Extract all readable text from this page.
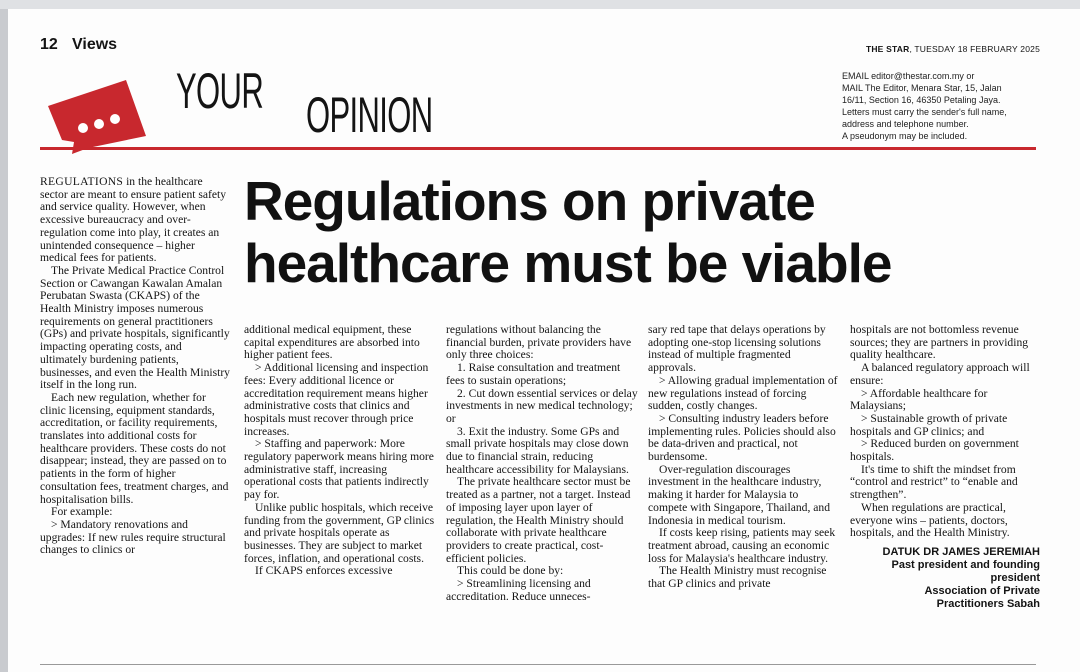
12 Views	THE STAR, TUESDAY 18 FEBRUARY 2025
YOUR OPINION

EMAIL editor@thestar.com.my or

MAIL The Editor, Menara Star, 15, Jalan

16/11, Section 16, 46350 Petaling Jaya.

Letters must carry the sender's full name,

address and telephone number.

A pseudonym may be included.

Regulations on private healthcare must be viable

REGULATIONS in the healthcare sector are meant to ensure patient safety and service quality. However, when excessive bureaucracy and over-regulation come into play, it creates an unintended consequence – higher medical fees for patients.

The Private Medical Practice Control Section or Cawangan Kawalan Amalan Perubatan Swasta (CKAPS) of the Health Ministry imposes numerous requirements on general practitioners (GPs) and private hospitals, significantly impacting operating costs, and ultimately burdening patients, businesses, and even the Health Ministry itself in the long run.

Each new regulation, whether for clinic licensing, equipment standards, accreditation, or facility requirements, translates into additional costs for healthcare providers. These costs do not disappear; instead, they are passed on to patients in the form of higher consultation fees, treatment charges, and hospitalisation bills.

For example:

> Mandatory renovations and upgrades: If new rules require structural changes to clinics or

additional medical equipment, these capital expenditures are absorbed into higher patient fees.

> Additional licensing and inspection fees: Every additional licence or accreditation requirement means higher administrative costs that clinics and hospitals must recover through price increases.

> Staffing and paperwork: More regulatory paperwork means hiring more administrative staff, increasing operational costs that patients indirectly pay for.

Unlike public hospitals, which receive funding from the government, GP clinics and private hospitals operate as businesses. They are subject to market forces, inflation, and operational costs.

If CKAPS enforces excessive

regulations without balancing the financial burden, private providers have only three choices:

1. Raise consultation and treatment fees to sustain operations;

2. Cut down essential services or delay investments in new medical technology; or

3. Exit the industry. Some GPs and small private hospitals may close down due to financial strain, reducing healthcare accessibility for Malaysians.

The private healthcare sector must be treated as a partner, not a target. Instead of imposing layer upon layer of regulation, the Health Ministry should collaborate with private healthcare providers to create practical, cost-efficient policies.

This could be done by:

> Streamlining licensing and accreditation. Reduce unneces-

sary red tape that delays operations by adopting one-stop licensing solutions instead of multiple fragmented approvals.

> Allowing gradual implementation of new regulations instead of forcing sudden, costly changes.

> Consulting industry leaders before implementing rules. Policies should also be data-driven and practical, not burdensome.

Over-regulation discourages investment in the healthcare industry, making it harder for Malaysia to compete with Singapore, Thailand, and Indonesia in medical tourism.

If costs keep rising, patients may seek treatment abroad, causing an economic loss for Malaysia's healthcare industry.

The Health Ministry must recognise that GP clinics and private

hospitals are not bottomless revenue sources; they are partners in providing quality healthcare.

A balanced regulatory approach will ensure:

> Affordable healthcare for Malaysians;

> Sustainable growth of private hospitals and GP clinics; and

> Reduced burden on government hospitals.

It's time to shift the mindset from “control and restrict” to “enable and strengthen”.

When regulations are practical, everyone wins – patients, doctors, hospitals, and the Health Ministry.

DATUK DR JAMES JEREMIAH
Past president and founding
president
Association of Private
Practitioners Sabah
